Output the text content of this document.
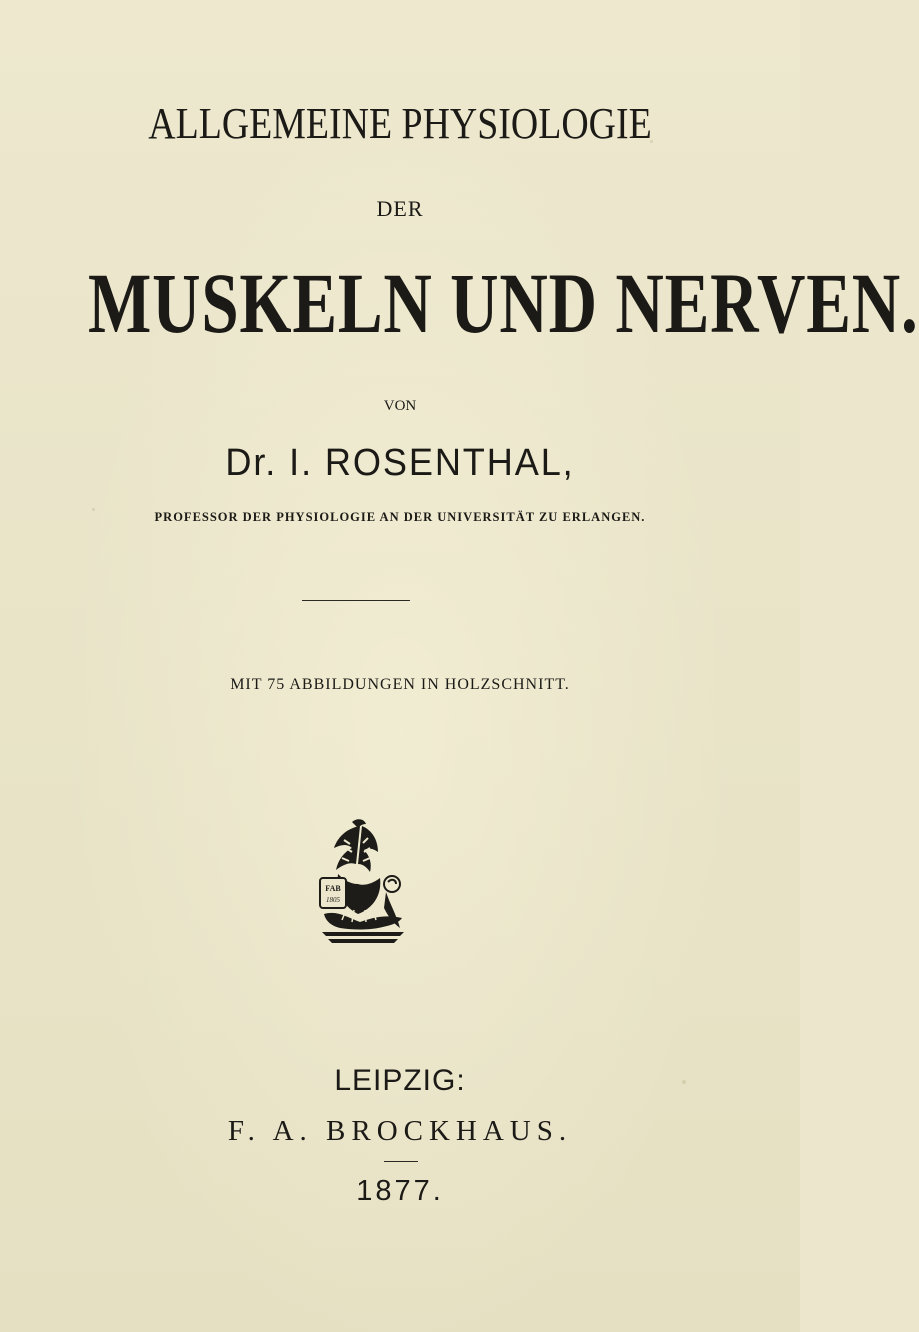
ALLGEMEINE PHYSIOLOGIE
DER
MUSKELN UND NERVEN.
VON
Dr. I. ROSENTHAL,
PROFESSOR DER PHYSIOLOGIE AN DER UNIVERSITÄT ZU ERLANGEN.
MIT 75 ABBILDUNGEN IN HOLZSCHNITT.
FAB
1805
LEIPZIG:
F. A. BROCKHAUS.
1877.
